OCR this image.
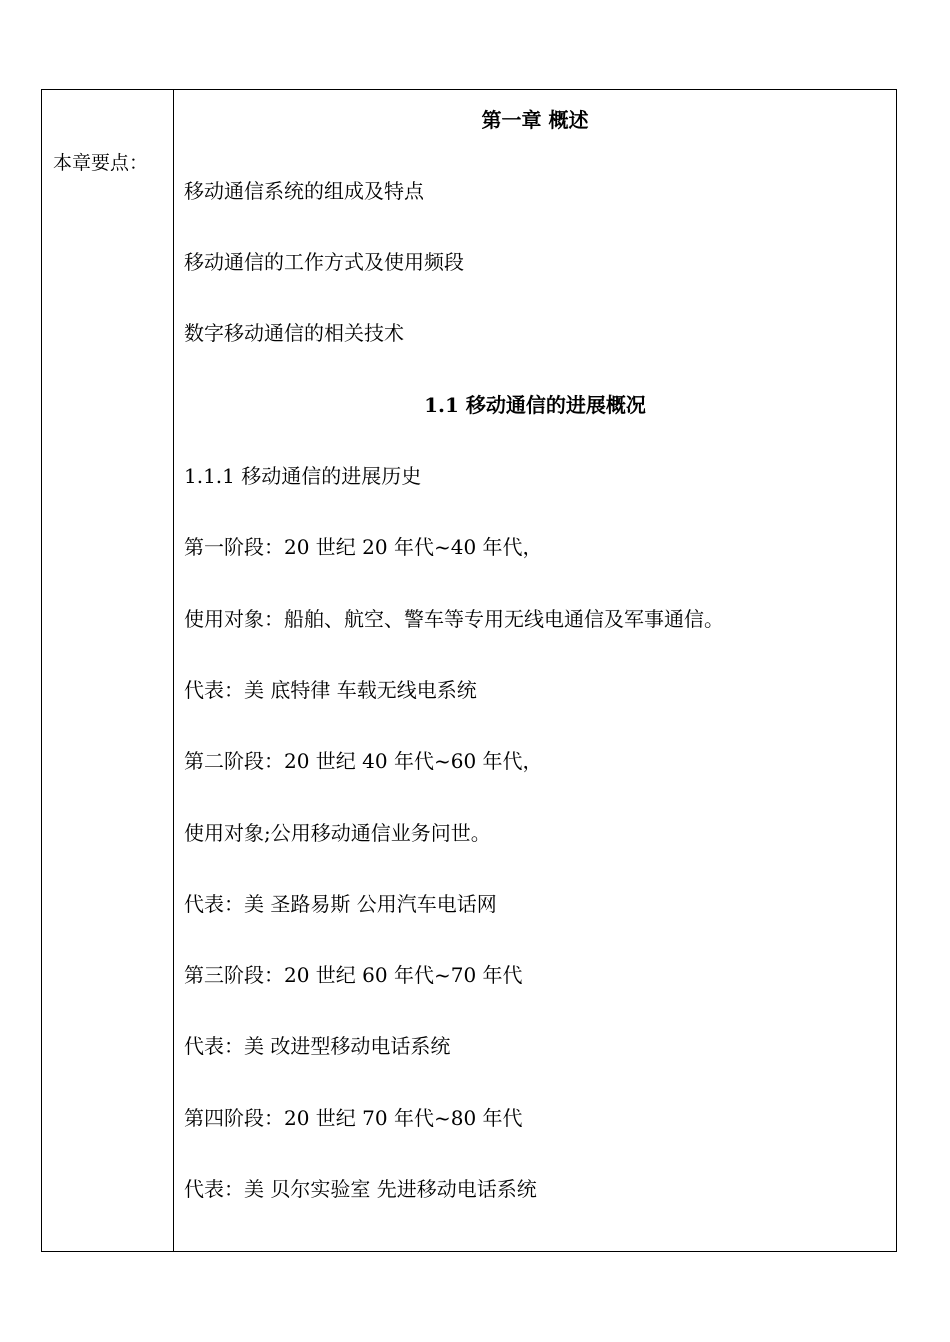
本章要点：
第一章 概述
移动通信系统的组成及特点
移动通信的工作方式及使用频段
数字移动通信的相关技术
1.1 移动通信的进展概况
1.1.1 移动通信的进展历史
第一阶段：20 世纪 20 年代~40 年代，
使用对象：船舶、航空、警车等专用无线电通信及军事通信。
代表：美 底特律 车载无线电系统
第二阶段：20 世纪 40 年代~60 年代，
使用对象;公用移动通信业务问世。
代表：美 圣路易斯 公用汽车电话网
第三阶段：20 世纪 60 年代~70 年代
代表：美 改进型移动电话系统
第四阶段：20 世纪 70 年代~80 年代
代表：美 贝尔实验室 先进移动电话系统
